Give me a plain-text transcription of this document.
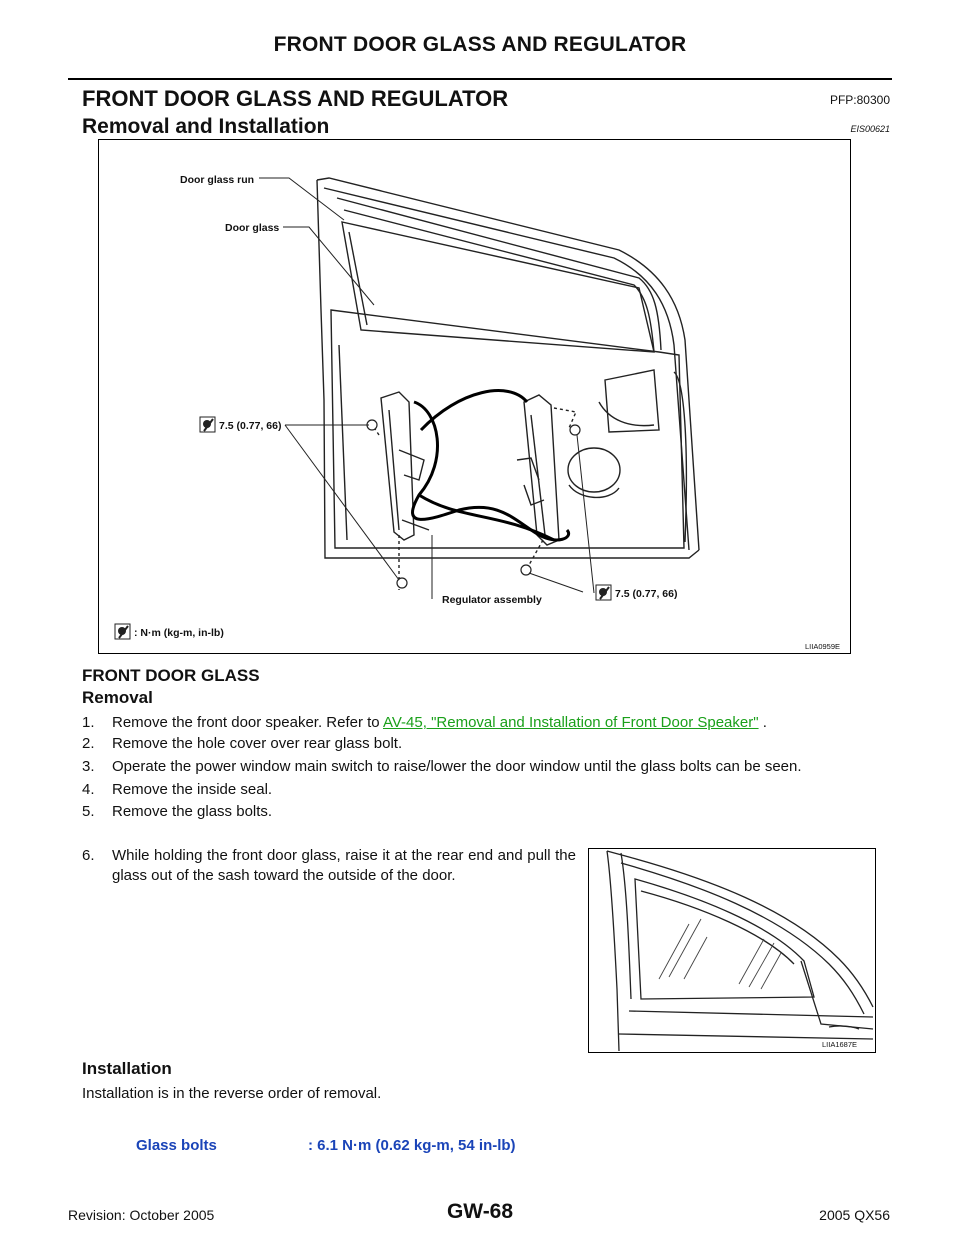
FRONT DOOR GLASS AND REGULATOR
FRONT DOOR GLASS AND REGULATOR	PFP:80300
Removal and Installation	EIS00621
Door glass run
Door glass
7.5 (0.77, 66)
7.5 (0.77, 66)
Regulator assembly
: N·m (kg-m, in-lb)
LIIA0959E
FRONT DOOR GLASS
Removal
1. Remove the front door speaker. Refer to AV-45, "Removal and Installation of Front Door Speaker" .
2. Remove the hole cover over rear glass bolt.
3. Operate the power window main switch to raise/lower the door window until the glass bolts can be seen.
4. Remove the inside seal.
5. Remove the glass bolts.
6.	While holding the front door glass, raise it at the rear end and pull the glass out of the sash toward the outside of the door.
LIIA1687E
Installation
Installation is in the reverse order of removal.
Glass bolts	: 6.1 N·m (0.62 kg-m, 54 in-lb)
Revision: October 2005	GW-68	2005 QX56
